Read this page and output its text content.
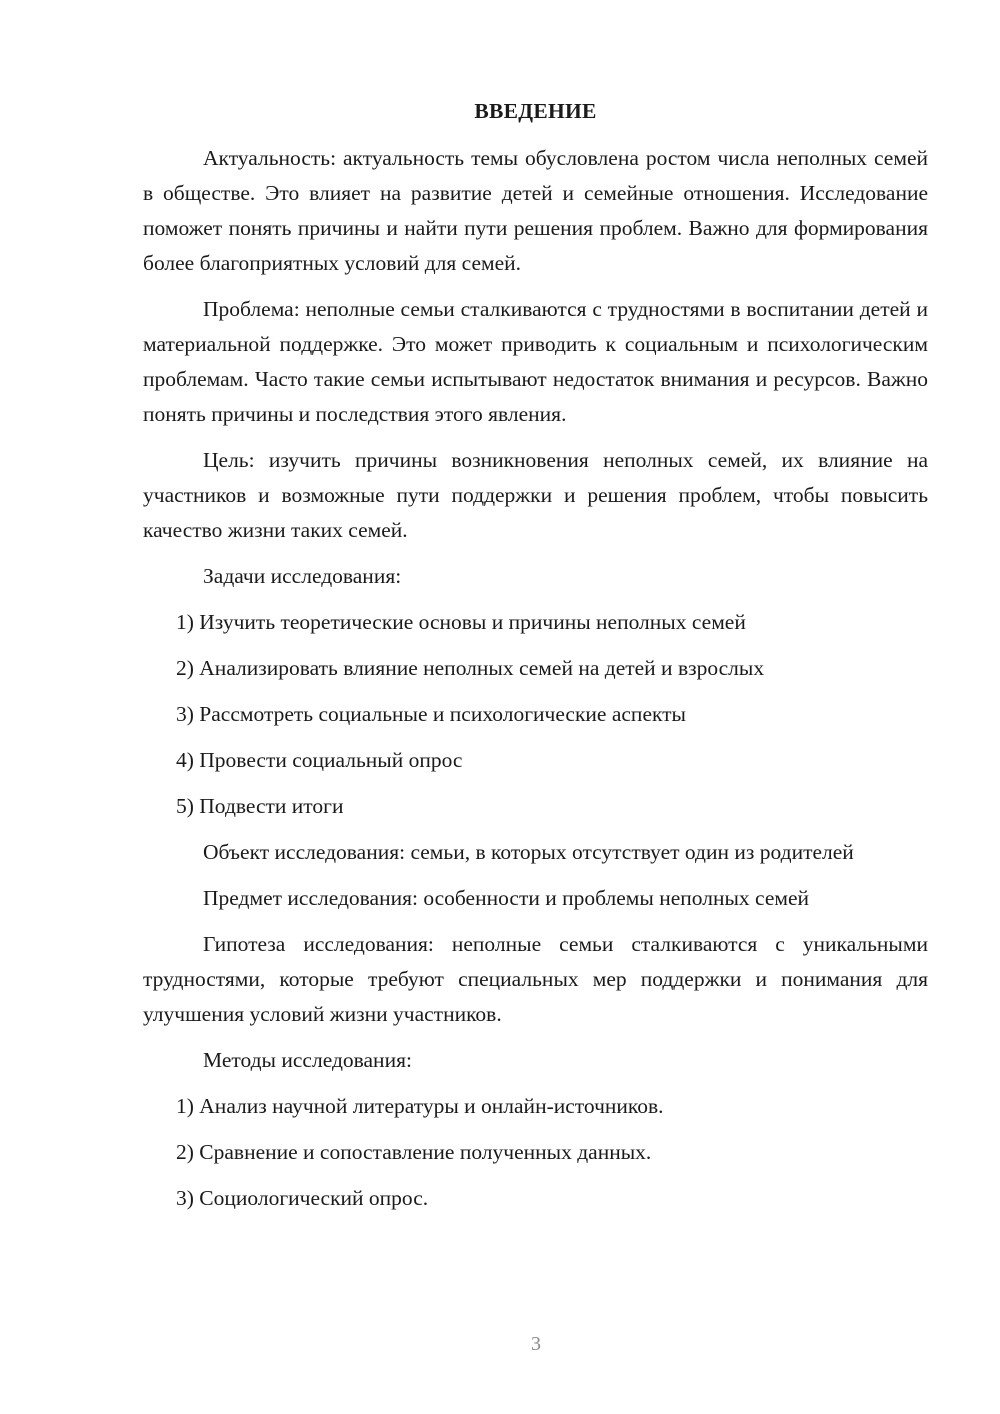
ВВЕДЕНИЕ
Актуальность: актуальность темы обусловлена ростом числа неполных семей в обществе. Это влияет на развитие детей и семейные отношения. Исследование поможет понять причины и найти пути решения проблем. Важно для формирования более благоприятных условий для семей.
Проблема: неполные семьи сталкиваются с трудностями в воспитании детей и материальной поддержке. Это может приводить к социальным и психологическим проблемам. Часто такие семьи испытывают недостаток внимания и ресурсов. Важно понять причины и последствия этого явления.
Цель: изучить причины возникновения неполных семей, их влияние на участников и возможные пути поддержки и решения проблем, чтобы повысить качество жизни таких семей.
Задачи исследования:
1) Изучить теоретические основы и причины неполных семей
2) Анализировать влияние неполных семей на детей и взрослых
3) Рассмотреть социальные и психологические аспекты
4) Провести социальный опрос
5) Подвести итоги
Объект исследования: семьи, в которых отсутствует один из родителей
Предмет исследования: особенности и проблемы неполных семей
Гипотеза исследования: неполные семьи сталкиваются с уникальными трудностями, которые требуют специальных мер поддержки и понимания для улучшения условий жизни участников.
Методы исследования:
1) Анализ научной литературы и онлайн-источников.
2) Сравнение и сопоставление полученных данных.
3) Социологический опрос.
3
